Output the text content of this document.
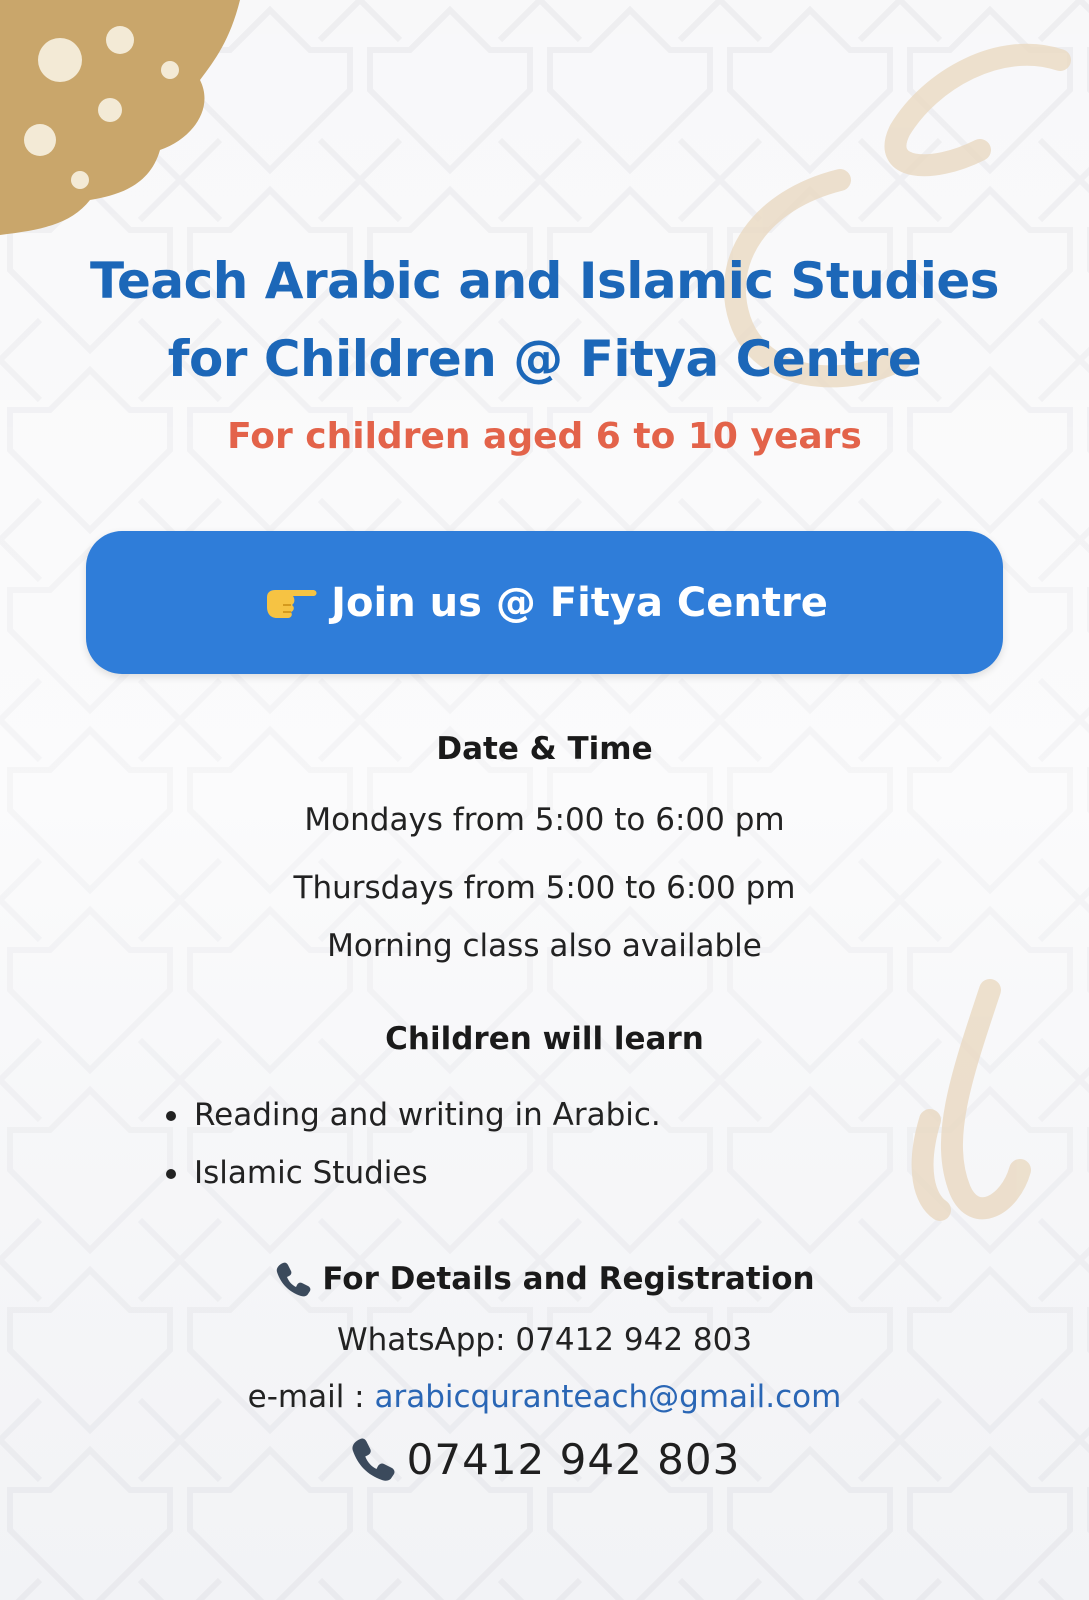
Teach Arabic and Islamic Studies
for Children @ Fitya Centre
For children aged 6 to 10 years
Join us @ Fitya Centre
Date & Time
Mondays from 5:00 to 6:00 pm
Thursdays from 5:00 to 6:00 pm
Morning class also available
Children will learn
Reading and writing in Arabic.
Islamic Studies
For Details and Registration
WhatsApp: 07412 942 803
e-mail : arabicquranteach@gmail.com
07412 942 803
